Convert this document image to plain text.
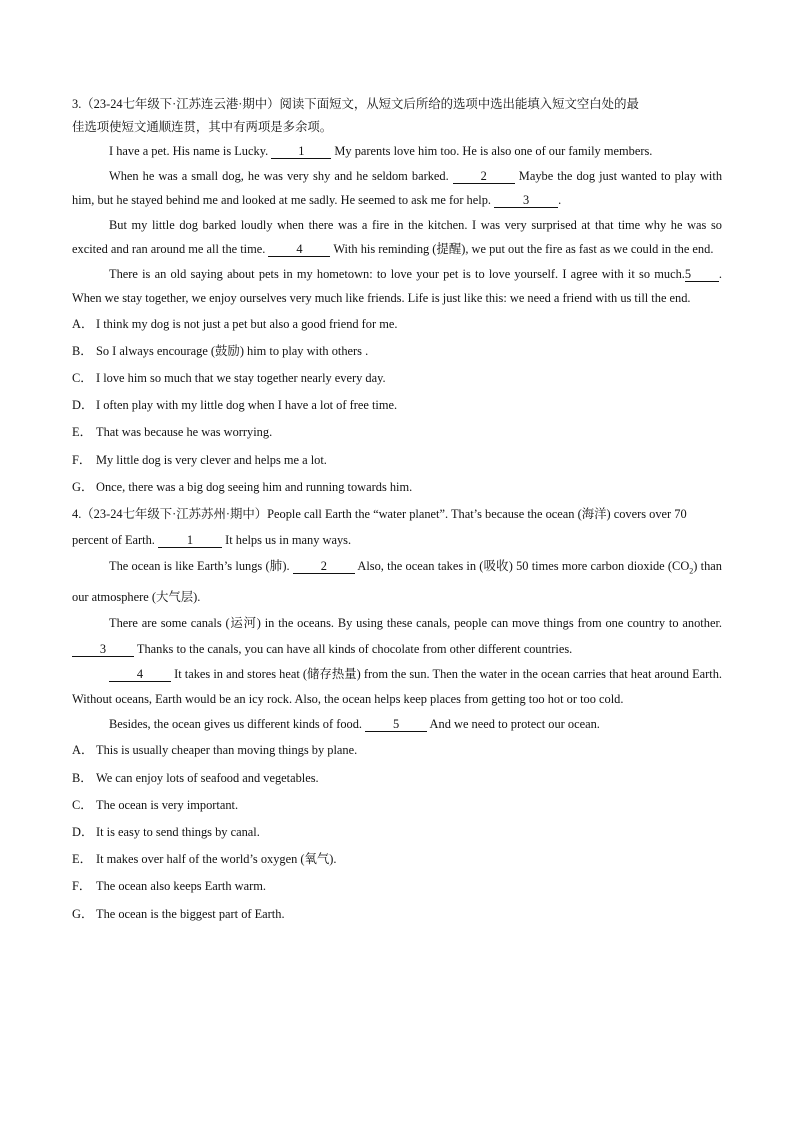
3.（23-24七年级下·江苏连云港·期中）阅读下面短文，从短文后所给的选项中选出能填入短文空白处的最
佳选项使短文通顺连贯，其中有两项是多余项。

I have a pet. His name is Lucky. 1 My parents love him too. He is also one of our family members.

When he was a small dog, he was very shy and he seldom barked. 2 Maybe the dog just wanted to play with him, but he stayed behind me and looked at me sadly. He seemed to ask me for help. 3 .

But my little dog barked loudly when there was a fire in the kitchen. I was very surprised at that time why he was so excited and ran around me all the time. 4 With his reminding (提醒), we put out the fire as fast as we could in the end.

There is an old saying about pets in my hometown: to love your pet is to love yourself. I agree with it so much.5 . When we stay together, we enjoy ourselves very much like friends. Life is just like this: we need a friend with us till the end.

A． I think my dog is not just a pet but also a good friend for me.

B． So I always encourage (鼓励) him to play with others .

C． I love him so much that we stay together nearly every day.

D． I often play with my little dog when I have a lot of free time.

E． That was because he was worrying.

F． My little dog is very clever and helps me a lot.

G． Once, there was a big dog seeing him and running towards him.

4.（23-24七年级下·江苏苏州·期中）People call Earth the “water planet”. That’s because the ocean (海洋) covers over 70 percent of Earth. 1 It helps us in many ways.

The ocean is like Earth’s lungs (肺). 2 Also, the ocean takes in (吸收) 50 times more carbon dioxide $(CO_2)$ than our atmosphere (大气层).

There are some canals (运河) in the oceans. By using these canals, people can move things from one country to another. 3 Thanks to the canals, you can have all kinds of chocolate from other different countries.

4 It takes in and stores heat (储存热量) from the sun. Then the water in the ocean carries that heat around Earth. Without oceans, Earth would be an icy rock. Also, the ocean helps keep places from getting too hot or too cold.

Besides, the ocean gives us different kinds of food. 5 And we need to protect our ocean.

A． This is usually cheaper than moving things by plane.

B． We can enjoy lots of seafood and vegetables.

C． The ocean is very important.

D． It is easy to send things by canal.

E． It makes over half of the world’s oxygen (氧气).

F． The ocean also keeps Earth warm.

G． The ocean is the biggest part of Earth.
